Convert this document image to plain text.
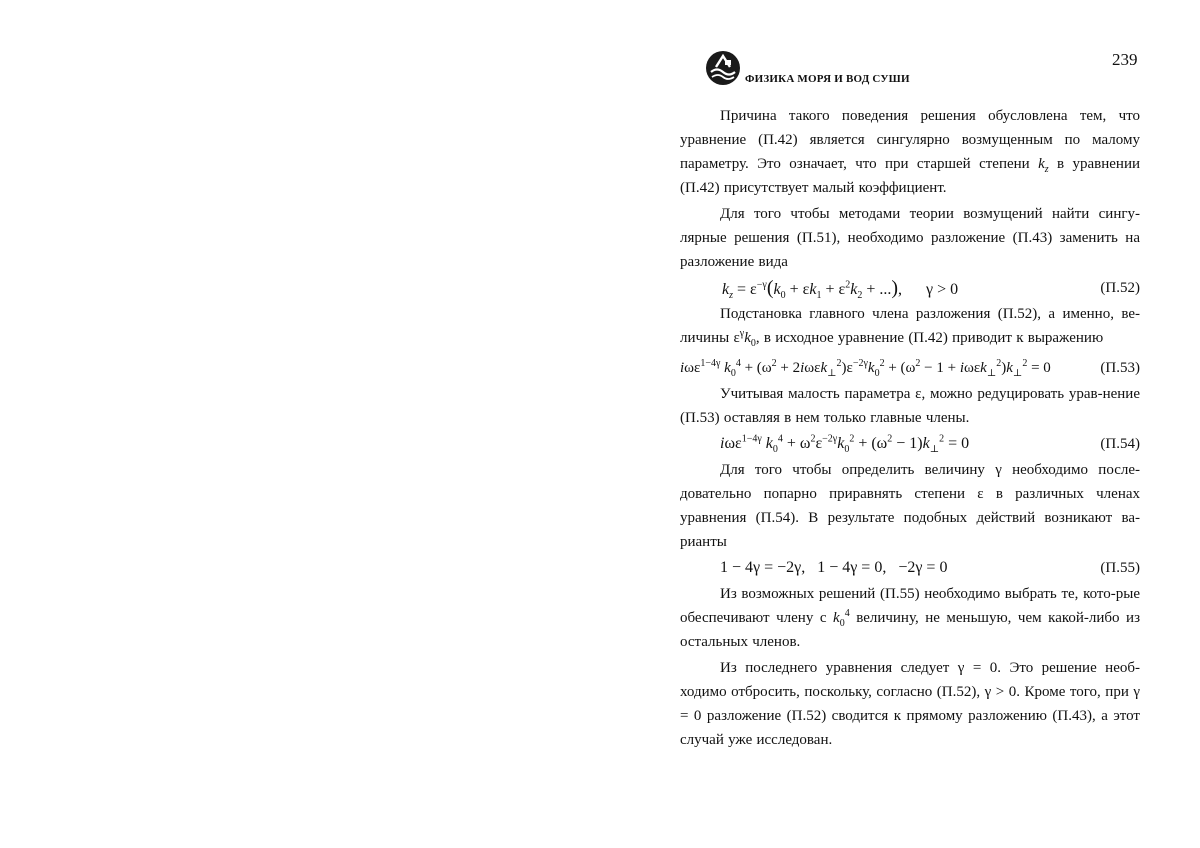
239
ФИЗИКА МОРЯ И ВОД СУШИ

Причина такого поведения решения обусловлена тем, что уравнение (П.42) является сингулярно возмущенным по малому параметру. Это означает, что при старшей степени $k_z$ в уравнении (П.42) присутствует малый коэффициент.

Для того чтобы методами теории возмущений найти сингу-лярные решения (П.51), необходимо разложение (П.43) заменить на разложение вида

$k_z = \varepsilon^{-\gamma}(k_0 + \varepsilon k_1 + \varepsilon^2k_2$ + ...),      γ > 0	(П.52)

Подстановка главного члена разложения (П.52), а именно, ве-личины $\varepsilon^\gamma k_0$, в исходное уравнение (П.42) приводит к выражению

iωε$^{1-4\gamma}$ $k_0^4 + (\omega^2 + 2i\omega\varepsilon k_\perp^2)\varepsilon^{-2\gamma}k_0^2 + (\omega^2 - 1 + i\omega\varepsilon k_\perp^2)k_\perp^2 = 0$	(П.53)

Учитывая малость параметра ε, можно редуцировать урав-нение (П.53) оставляя в нем только главные члены.

iωε$^{1-4\gamma}$ $k_0^4 + \omega^2\varepsilon^{-2\gamma}k_0^2 + (\omega^2 - 1)k_\perp^2 = 0$	(П.54)

Для того чтобы определить величину γ необходимо после-довательно попарно приравнять степени ε в различных членах уравнения (П.54). В результате подобных действий возникают ва-рианты

1 − 4γ = −2γ,   1 − 4γ = 0,   −2γ = 0	(П.55)

Из возможных решений (П.55) необходимо выбрать те, кото-рые обеспечивают члену с $k_0^4$ величину, не меньшую, чем какой-либо из остальных членов.

Из последнего уравнения следует γ = 0. Это решение необ-ходимо отбросить, поскольку, согласно (П.52), γ > 0. Кроме того, при γ = 0 разложение (П.52) сводится к прямому разложению (П.43), а этот случай уже исследован.
